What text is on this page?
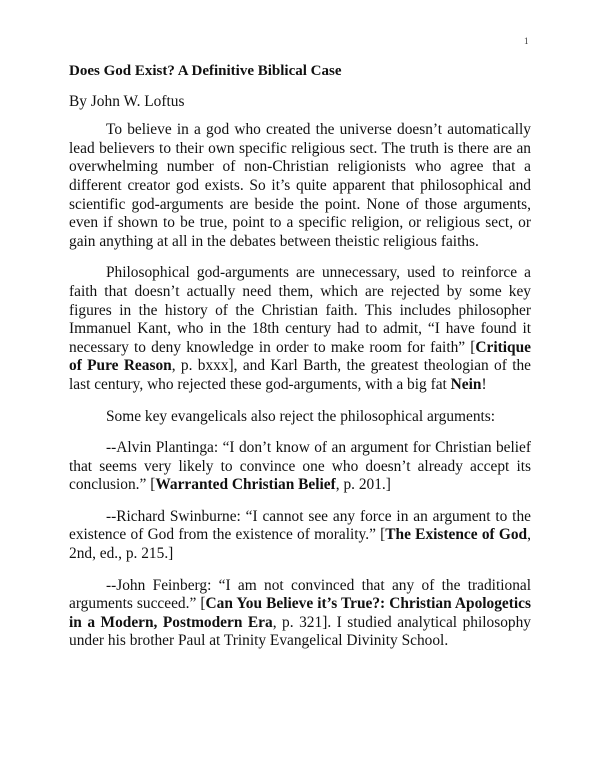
1
Does God Exist? A Definitive Biblical Case
By John W. Loftus

To believe in a god who created the universe doesn’t automatically lead believers to their own specific religious sect. The truth is there are an overwhelming number of non-Christian religionists who agree that a different creator god exists. So it’s quite apparent that philosophical and scientific god-arguments are beside the point. None of those arguments, even if shown to be true, point to a specific religion, or religious sect, or gain anything at all in the debates between theistic religious faiths.

Philosophical god-arguments are unnecessary, used to reinforce a faith that doesn’t actually need them, which are rejected by some key figures in the history of the Christian faith. This includes philosopher Immanuel Kant, who in the 18th century had to admit, “I have found it necessary to deny knowledge in order to make room for faith” [Critique of Pure Reason, p. bxxx], and Karl Barth, the greatest theologian of the last century, who rejected these god-arguments, with a big fat Nein!

Some key evangelicals also reject the philosophical arguments:

--Alvin Plantinga: “I don’t know of an argument for Christian belief that seems very likely to convince one who doesn’t already accept its conclusion.” [Warranted Christian Belief, p. 201.]

--Richard Swinburne: “I cannot see any force in an argument to the existence of God from the existence of morality.” [The Existence of God, 2nd, ed., p. 215.]

--John Feinberg: “I am not convinced that any of the traditional arguments succeed.” [Can You Believe it’s True?: Christian Apologetics in a Modern, Postmodern Era, p. 321]. I studied analytical philosophy under his brother Paul at Trinity Evangelical Divinity School.
